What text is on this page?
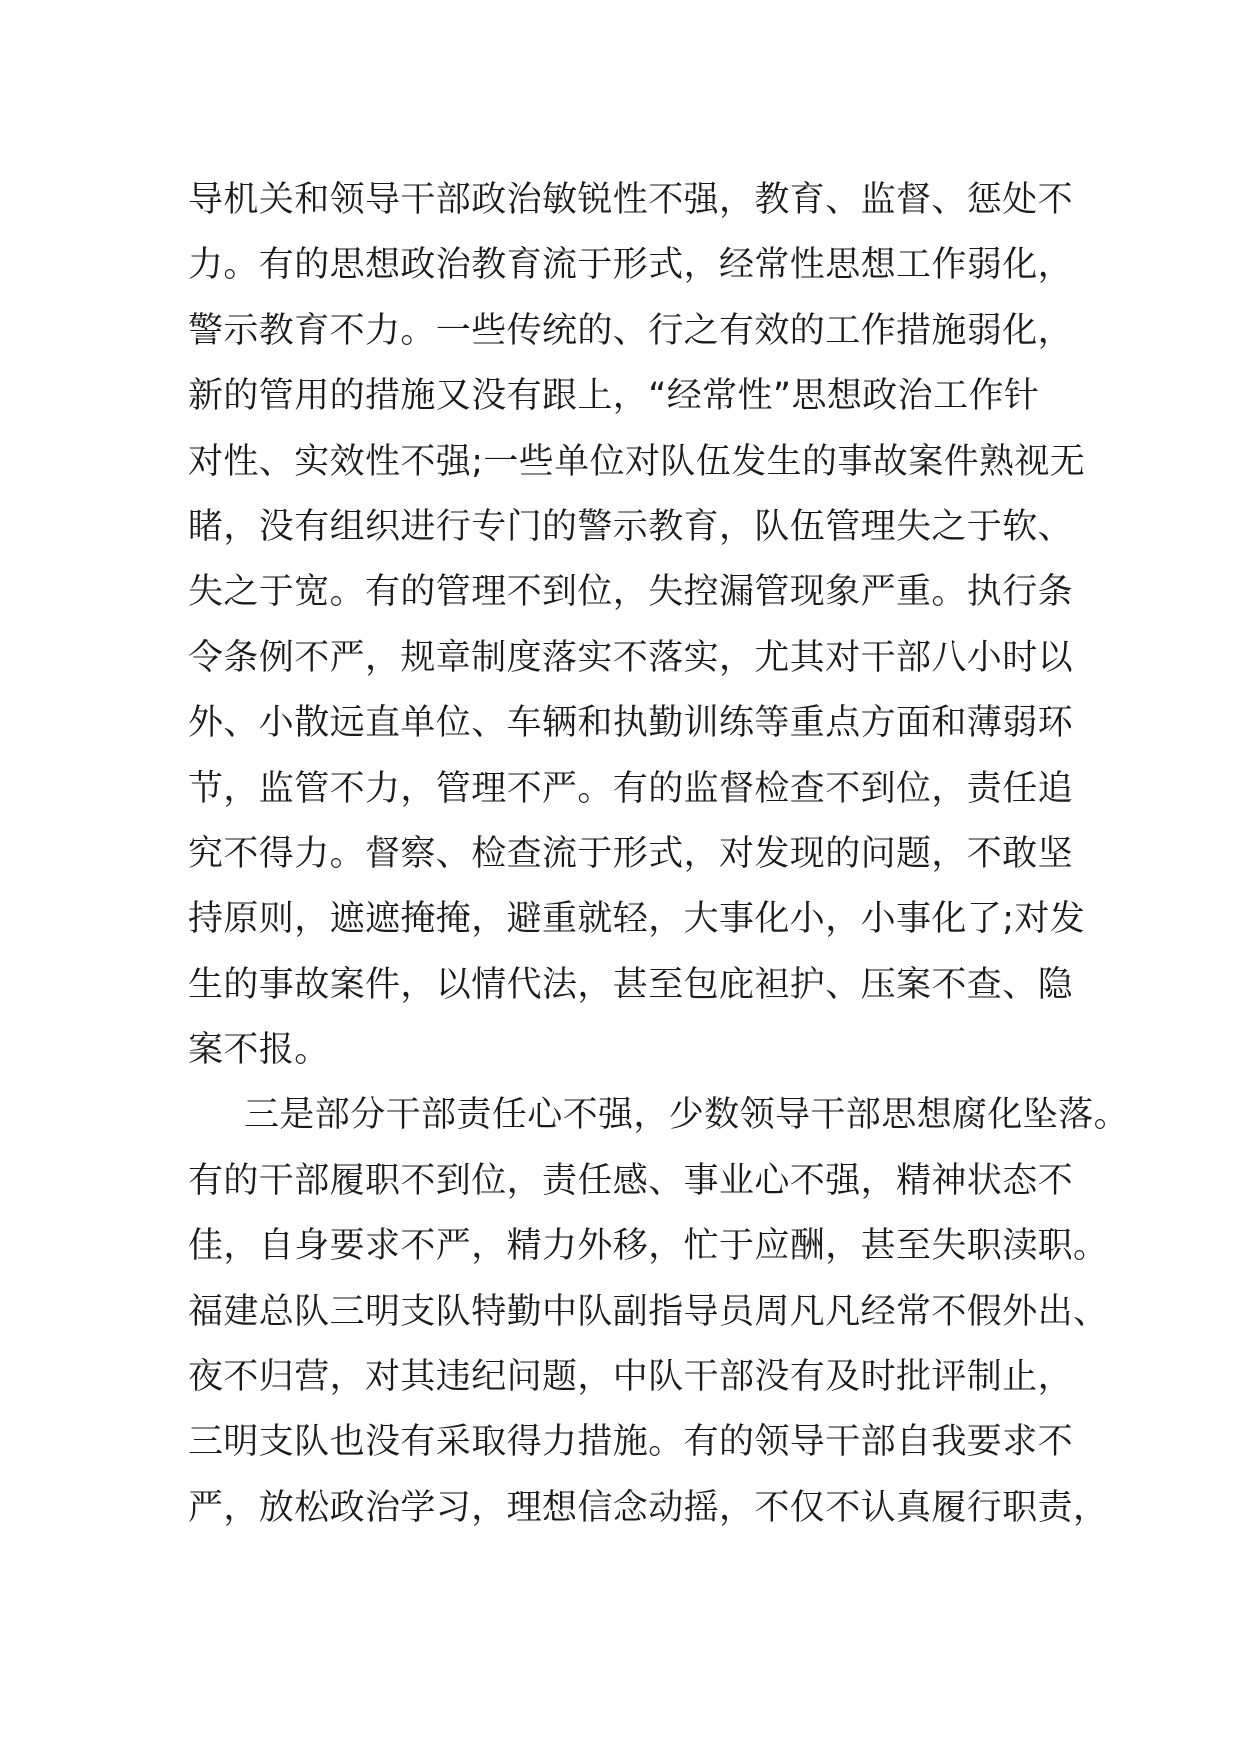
导机关和领导干部政治敏锐性不强，教育、监督、惩处不
力。有的思想政治教育流于形式，经常性思想工作弱化，
警示教育不力。一些传统的、行之有效的工作措施弱化，
新的管用的措施又没有跟上，“经常性”思想政治工作针
对性、实效性不强;一些单位对队伍发生的事故案件熟视无
睹，没有组织进行专门的警示教育，队伍管理失之于软、
失之于宽。有的管理不到位，失控漏管现象严重。执行条
令条例不严，规章制度落实不落实，尤其对干部八小时以
外、小散远直单位、车辆和执勤训练等重点方面和薄弱环
节，监管不力，管理不严。有的监督检查不到位，责任追
究不得力。督察、检查流于形式，对发现的问题，不敢坚
持原则，遮遮掩掩，避重就轻，大事化小，小事化了;对发
生的事故案件，以情代法，甚至包庇袒护、压案不查、隐
案不报。
三是部分干部责任心不强，少数领导干部思想腐化坠落。
有的干部履职不到位，责任感、事业心不强，精神状态不
佳，自身要求不严，精力外移，忙于应酬，甚至失职渎职。
福建总队三明支队特勤中队副指导员周凡凡经常不假外出、
夜不归营，对其违纪问题，中队干部没有及时批评制止，
三明支队也没有采取得力措施。有的领导干部自我要求不
严，放松政治学习，理想信念动摇，不仅不认真履行职责，
